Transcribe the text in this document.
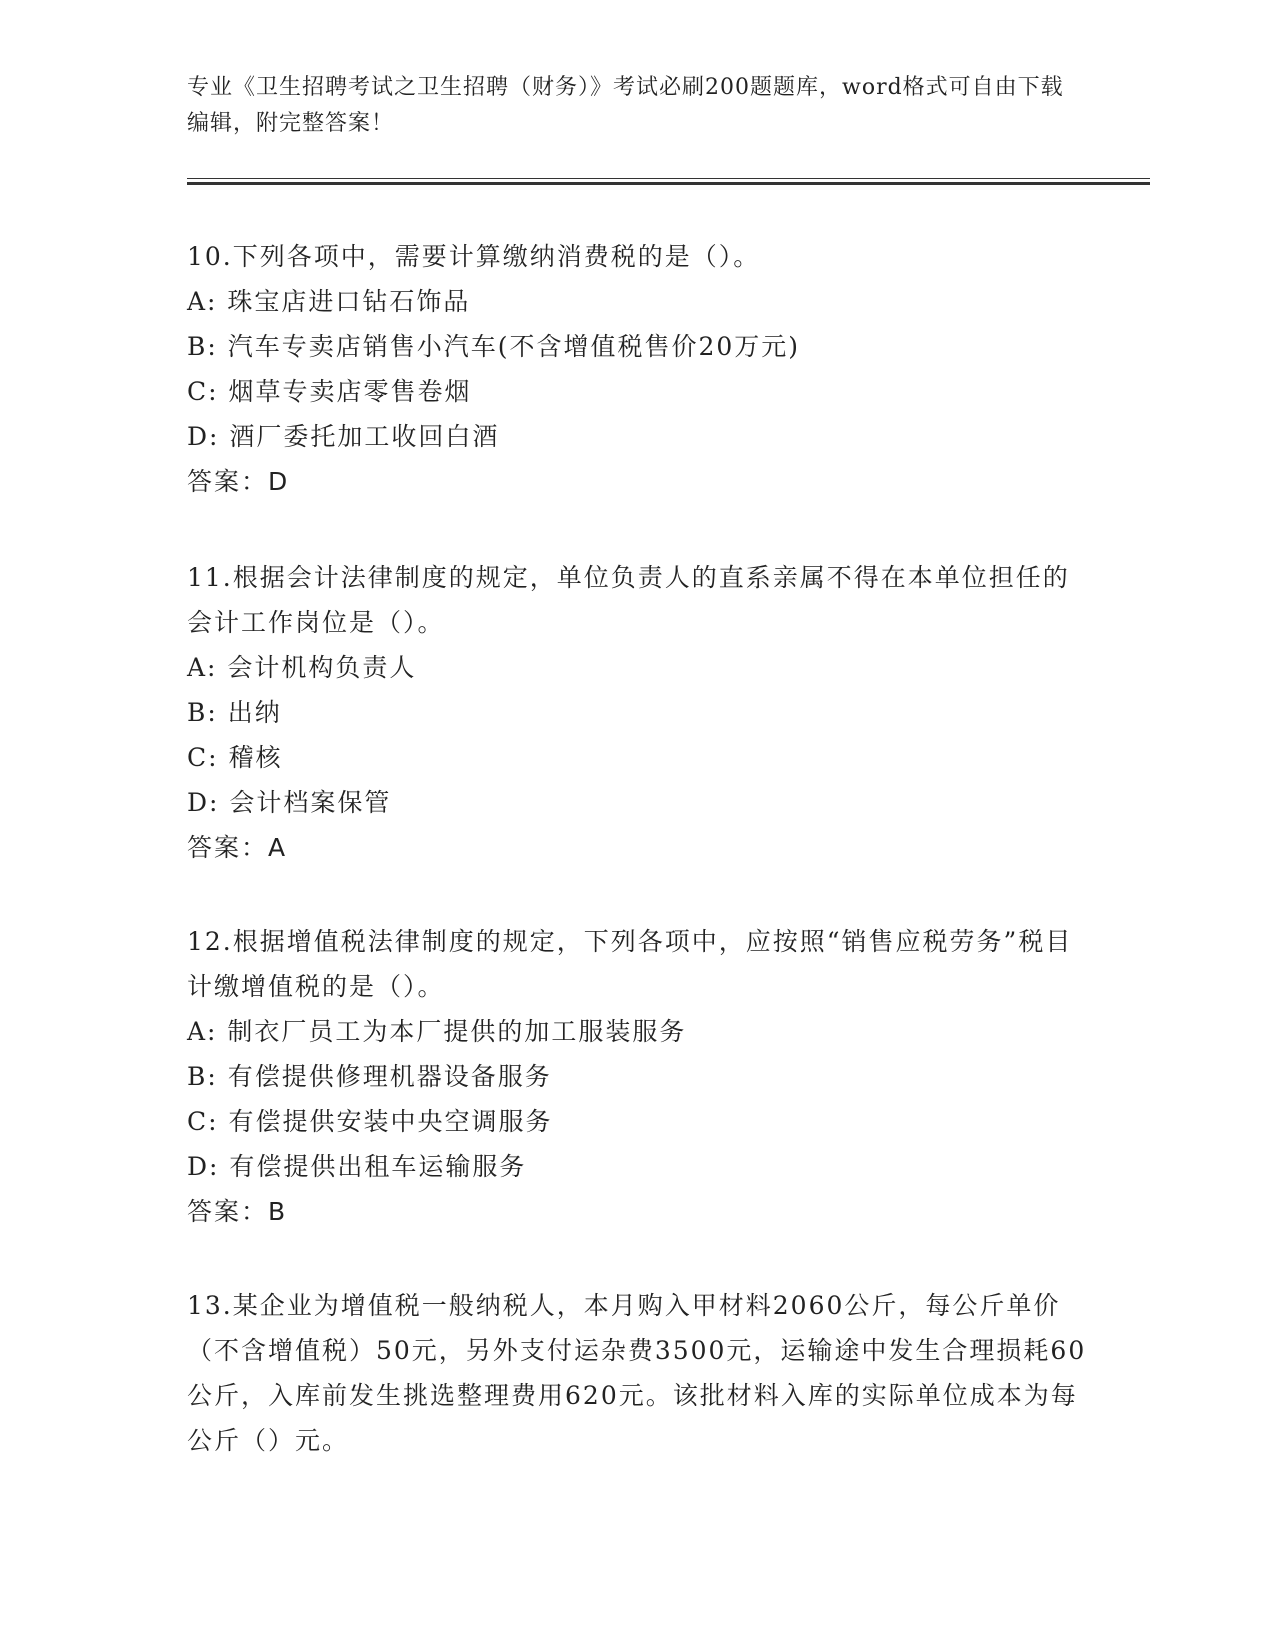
专业《卫生招聘考试之卫生招聘（财务）》考试必刷200题题库，word格式可自由下载编辑，附完整答案！
10.下列各项中，需要计算缴纳消费税的是（）。
A: 珠宝店进口钻石饰品
B: 汽车专卖店销售小汽车(不含增值税售价20万元)
C: 烟草专卖店零售卷烟
D: 酒厂委托加工收回白酒
答案：D
11.根据会计法律制度的规定，单位负责人的直系亲属不得在本单位担任的会计工作岗位是（）。
A: 会计机构负责人
B: 出纳
C: 稽核
D: 会计档案保管
答案：A
12.根据增值税法律制度的规定，下列各项中，应按照“销售应税劳务”税目计缴增值税的是（）。
A: 制衣厂员工为本厂提供的加工服装服务
B: 有偿提供修理机器设备服务
C: 有偿提供安装中央空调服务
D: 有偿提供出租车运输服务
答案：B
13.某企业为增值税一般纳税人，本月购入甲材料2060公斤，每公斤单价（不含增值税）50元，另外支付运杂费3500元，运输途中发生合理损耗60公斤，入库前发生挑选整理费用620元。该批材料入库的实际单位成本为每公斤（）元。
